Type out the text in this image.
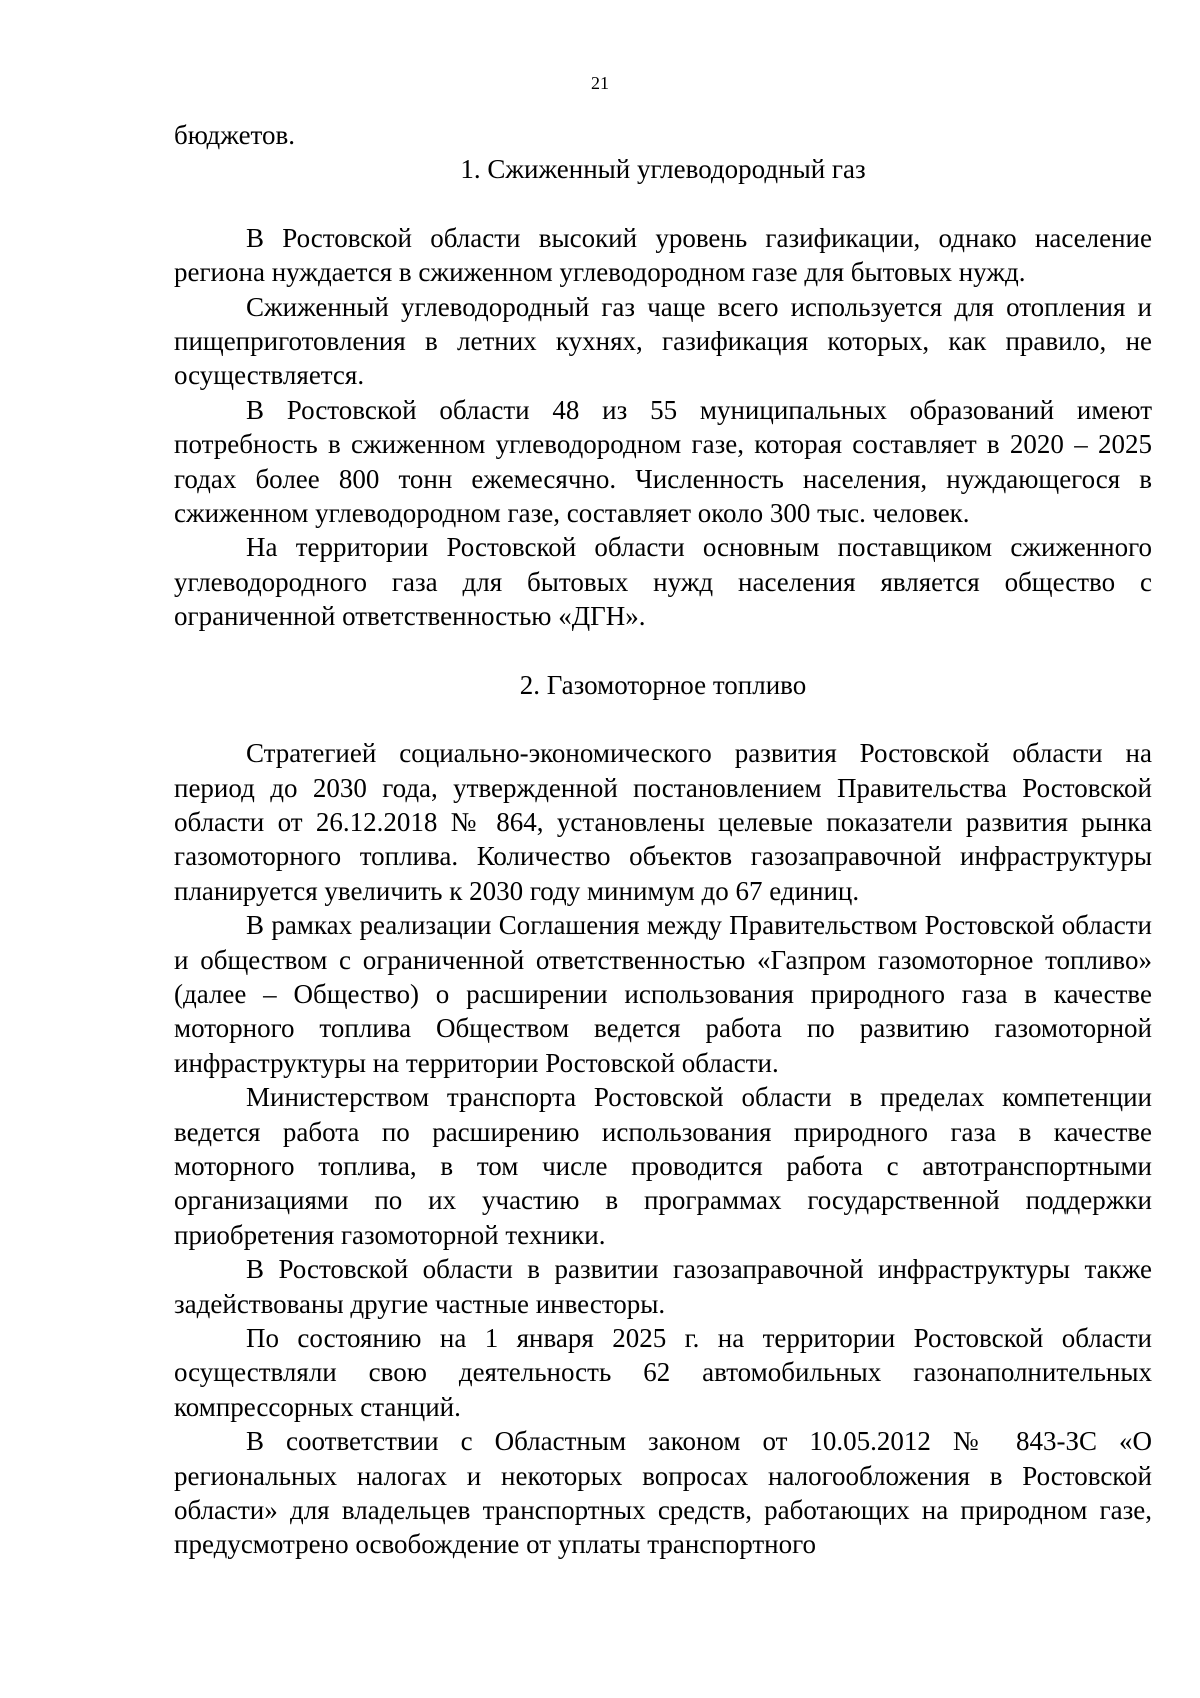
21

бюджетов.

1. Сжиженный углеводородный газ

В Ростовской области высокий уровень газификации, однако население региона нуждается в сжиженном углеводородном газе для бытовых нужд.

Сжиженный углеводородный газ чаще всего используется для отопления и пищеприготовления в летних кухнях, газификация которых, как правило, не осуществляется.

В Ростовской области 48 из 55 муниципальных образований имеют потребность в сжиженном углеводородном газе, которая составляет в 2020 – 2025 годах более 800 тонн ежемесячно. Численность населения, нуждающегося в сжиженном углеводородном газе, составляет около 300 тыс. человек.

На территории Ростовской области основным поставщиком сжиженного углеводородного газа для бытовых нужд населения является общество с ограниченной ответственностью «ДГН».

2. Газомоторное топливо

Стратегией социально-экономического развития Ростовской области на период до 2030 года, утвержденной постановлением Правительства Ростовской области от 26.12.2018 № 864, установлены целевые показатели развития рынка газомоторного топлива. Количество объектов газозаправочной инфраструктуры планируется увеличить к 2030 году минимум до 67 единиц.

В рамках реализации Соглашения между Правительством Ростовской области и обществом с ограниченной ответственностью «Газпром газомоторное топливо» (далее – Общество) о расширении использования природного газа в качестве моторного топлива Обществом ведется работа по развитию газомоторной инфраструктуры на территории Ростовской области.

Министерством транспорта Ростовской области в пределах компетенции ведется работа по расширению использования природного газа в качестве моторного топлива, в том числе проводится работа с автотранспортными организациями по их участию в программах государственной поддержки приобретения газомоторной техники.

В Ростовской области в развитии газозаправочной инфраструктуры также задействованы другие частные инвесторы.

По состоянию на 1 января 2025 г. на территории Ростовской области осуществляли свою деятельность 62 автомобильных газонаполнительных компрессорных станций.

В соответствии с Областным законом от 10.05.2012 № 843-ЗС «О региональных налогах и некоторых вопросах налогообложения в Ростовской области» для владельцев транспортных средств, работающих на природном газе, предусмотрено освобождение от уплаты транспортного
